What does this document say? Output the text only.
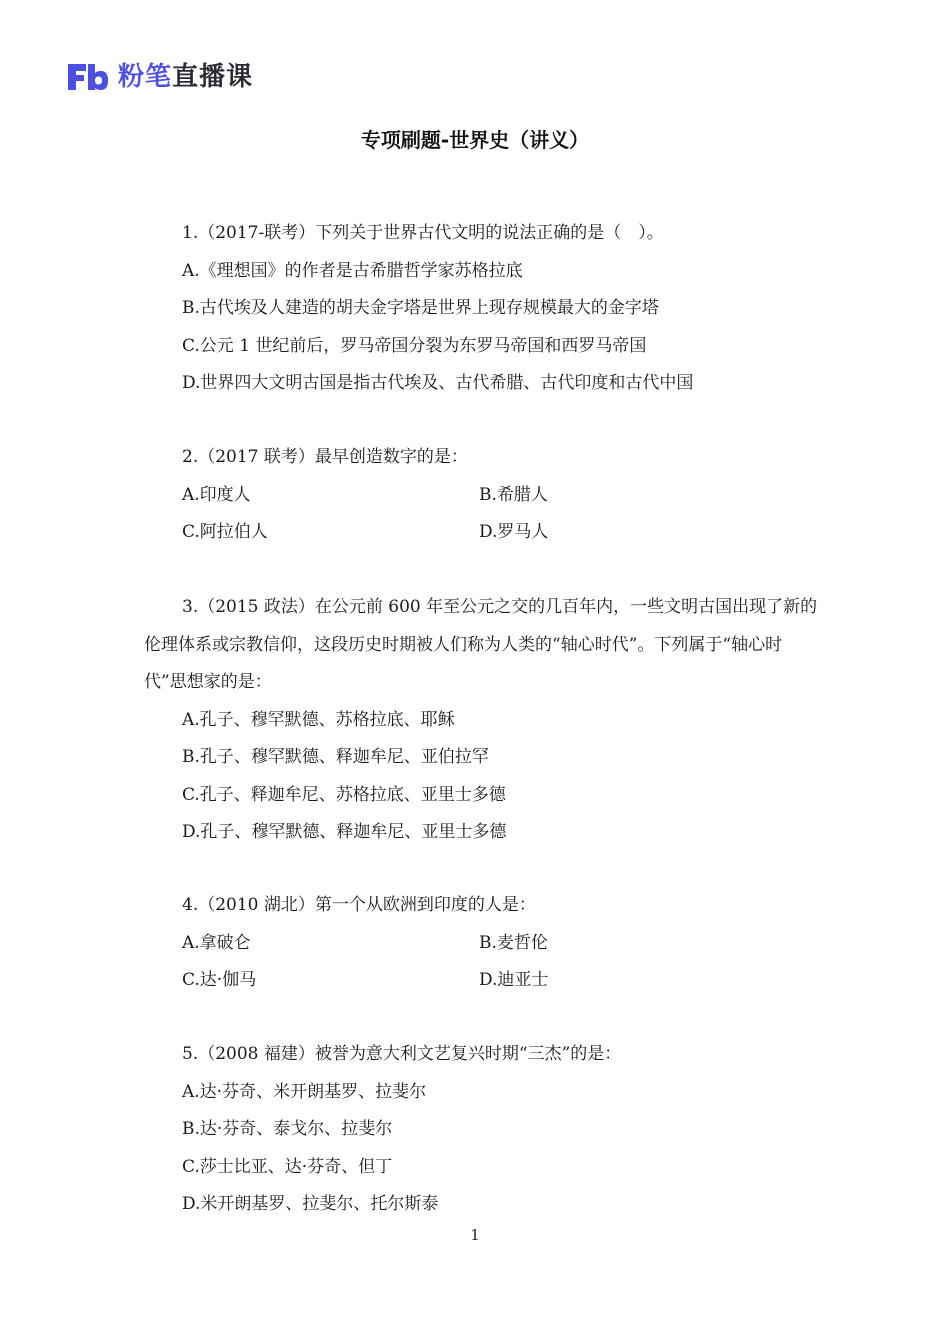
粉笔直播课
专项刷题-世界史（讲义）
1.（2017-联考）下列关于世界古代文明的说法正确的是（　）。
A.《理想国》的作者是古希腊哲学家苏格拉底
B.古代埃及人建造的胡夫金字塔是世界上现存规模最大的金字塔
C.公元 1 世纪前后，罗马帝国分裂为东罗马帝国和西罗马帝国
D.世界四大文明古国是指古代埃及、古代希腊、古代印度和古代中国
2.（2017 联考）最早创造数字的是：
A.印度人	B.希腊人
C.阿拉伯人	D.罗马人
3.（2015 政法）在公元前 600 年至公元之交的几百年内，一些文明古国出现了新的伦理体系或宗教信仰，这段历史时期被人们称为人类的“轴心时代”。下列属于“轴心时代”思想家的是：
A.孔子、穆罕默德、苏格拉底、耶稣
B.孔子、穆罕默德、释迦牟尼、亚伯拉罕
C.孔子、释迦牟尼、苏格拉底、亚里士多德
D.孔子、穆罕默德、释迦牟尼、亚里士多德
4.（2010 湖北）第一个从欧洲到印度的人是：
A.拿破仑	B.麦哲伦
C.达·伽马	D.迪亚士
5.（2008 福建）被誉为意大利文艺复兴时期“三杰”的是：
A.达·芬奇、米开朗基罗、拉斐尔
B.达·芬奇、泰戈尔、拉斐尔
C.莎士比亚、达·芬奇、但丁
D.米开朗基罗、拉斐尔、托尔斯泰
1
